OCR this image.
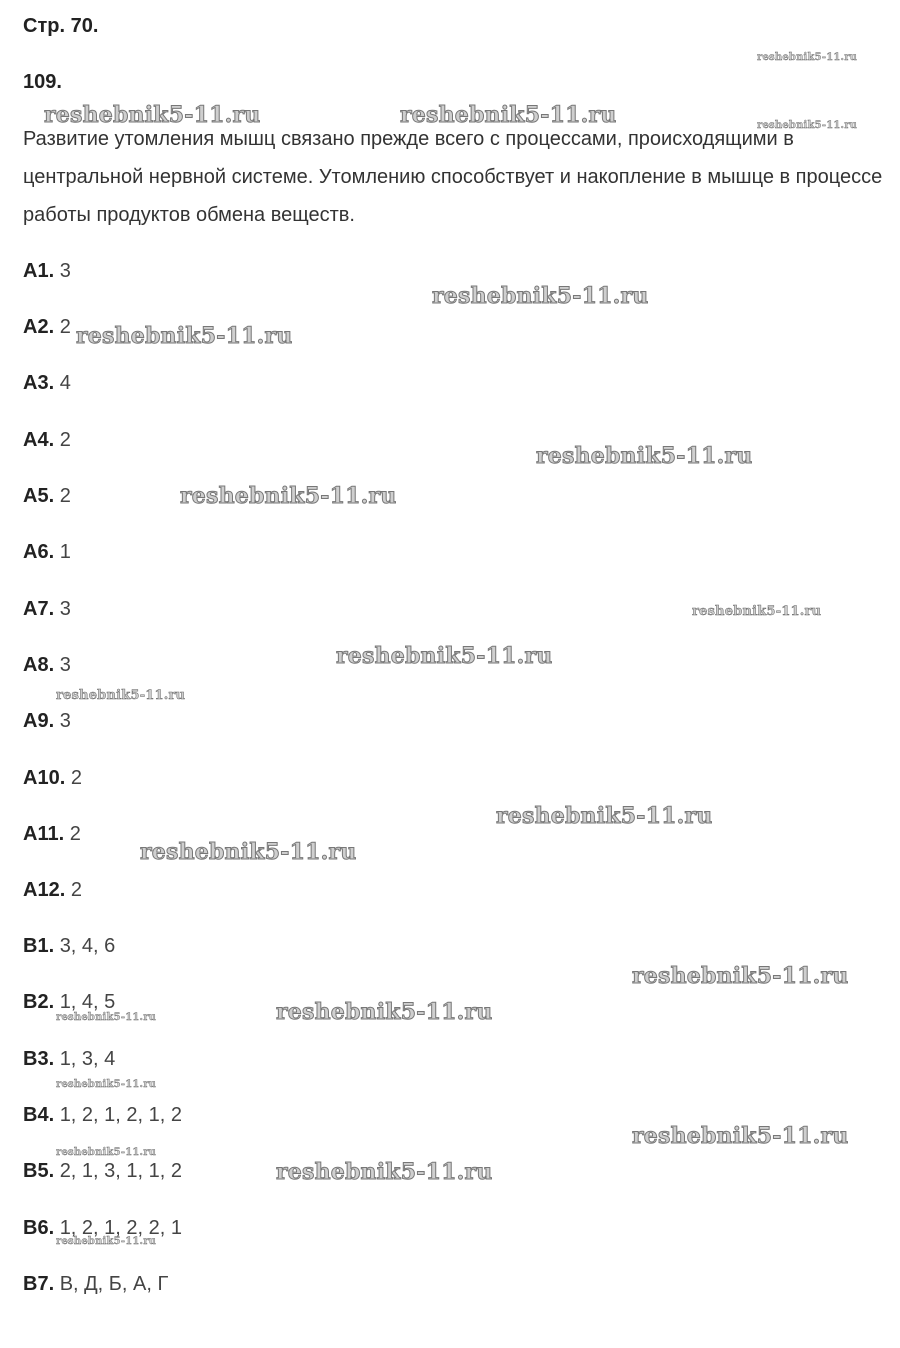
Стр. 70.
109.
Развитие утомления мышц связано прежде всего с процессами, происходящими в центральной нервной системе. Утомлению способствует и накопление в мышце в процессе работы продуктов обмена веществ.
А1. 3
А2. 2
А3. 4
А4. 2
А5. 2
А6. 1
А7. 3
А8. 3
А9. 3
А10. 2
А11. 2
А12. 2
В1. 3, 4, 6
В2. 1, 4, 5
В3. 1, 3, 4
В4. 1, 2, 1, 2, 1, 2
В5. 2, 1, 3, 1, 1, 2
В6. 1, 2, 1, 2, 2, 1
В7. В, Д, Б, А, Г
reshebnik5-11.ru
reshebnik5-11.ru	reshebnik5-11.ru	reshebnik5-11.ru
reshebnik5-11.ru
reshebnik5-11.ru
reshebnik5-11.ru
reshebnik5-11.ru
reshebnik5-11.ru
reshebnik5-11.ru
reshebnik5-11.ru
reshebnik5-11.ru
reshebnik5-11.ru
reshebnik5-11.ru
reshebnik5-11.ru
reshebnik5-11.ru
reshebnik5-11.ru
reshebnik5-11.ru
reshebnik5-11.ru
reshebnik5-11.ru
reshebnik5-11.ru
